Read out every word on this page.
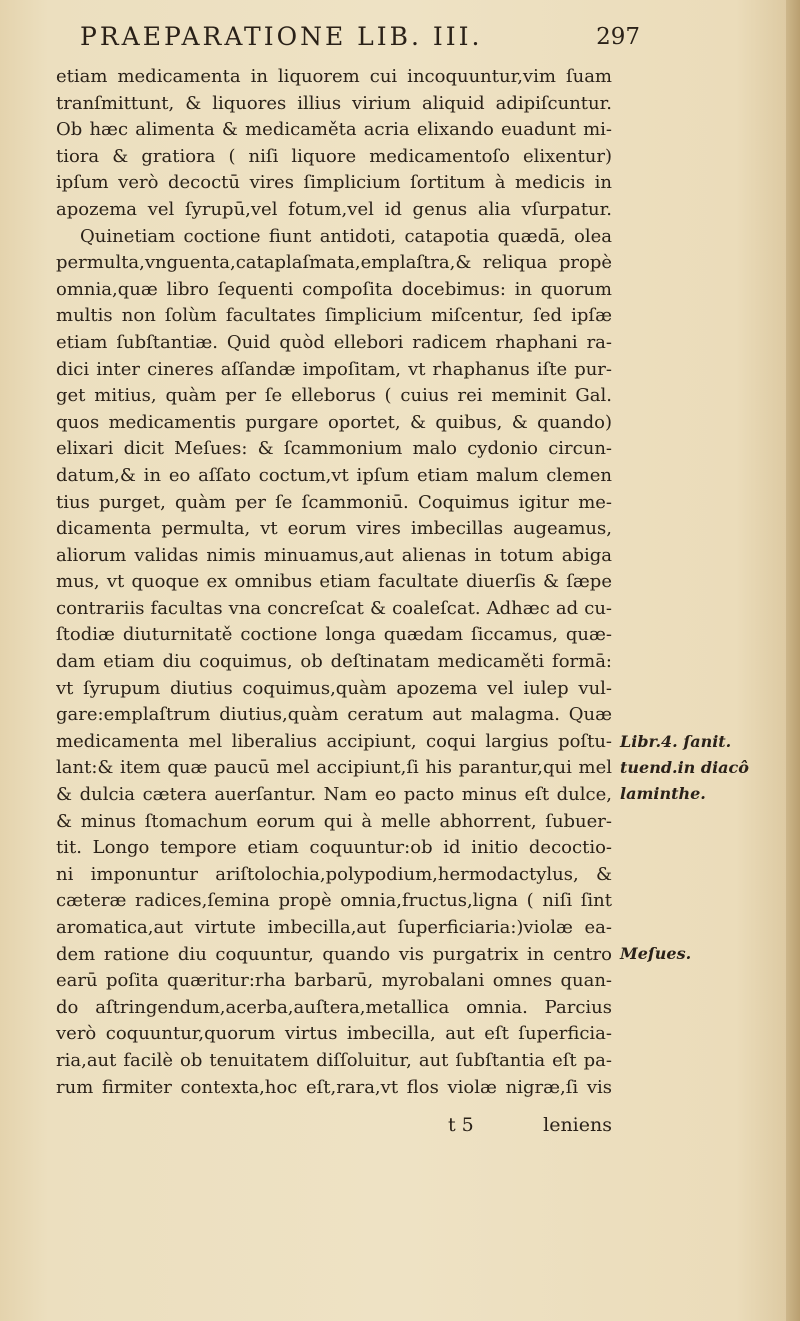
PRAEPARATIONE LIB. III.	297
etiam medicamenta in liquorem cui incoquuntur,vim ſuam
tranſmittunt, & liquores illius virium aliquid adipiſcuntur.
Ob hæc alimenta & medicaměta acria elixando euadunt mi-
tiora & gratiora ( niſi liquore medicamentoſo elixentur)
ipſum verò decoctū vires ſimplicium ſortitum à medicis in
apozema vel ſyrupū,vel fotum,vel id genus alia vſurpatur.
Quinetiam coctione fiunt antidoti, catapotia quædā, olea
permulta,vnguenta,cataplaſmata,emplaſtra,& reliqua propè
omnia,quæ libro ſequenti compoſita docebimus: in quorum
multis non ſolùm facultates ſimplicium miſcentur, ſed ipſæ
etiam ſubſtantiæ. Quid quòd ellebori radicem rhaphani ra-
dici inter cineres aſſandæ impoſitam, vt rhaphanus iſte pur-
get mitius, quàm per ſe elleborus ( cuius rei meminit Gal.
quos medicamentis purgare oportet, & quibus, & quando)
elixari dicit Meſues: & ſcammonium malo cydonio circun-
datum,& in eo aſſato coctum,vt ipſum etiam malum clemen
tius purget, quàm per ſe ſcammoniū. Coquimus igitur me-
dicamenta permulta, vt eorum vires imbecillas augeamus,
aliorum validas nimis minuamus,aut alienas in totum abiga
mus, vt quoque ex omnibus etiam facultate diuerſis & ſæpe
contrariis facultas vna concreſcat & coaleſcat. Adhæc ad cu-
ſtodiæ diuturnitatě coctione longa quædam ſiccamus, quæ-
dam etiam diu coquimus, ob deſtinatam medicaměti formā:
vt ſyrupum diutius coquimus,quàm apozema vel iulep vul-
gare:emplaſtrum diutius,quàm ceratum aut malagma. Quæ
medicamenta mel liberalius accipiunt, coqui largius poſtu-
lant:& item quæ paucū mel accipiunt,ſi his parantur,qui mel
& dulcia cætera auerſantur. Nam eo pacto minus eſt dulce,
& minus ſtomachum eorum qui à melle abhorrent, ſubuer-
tit. Longo tempore etiam coquuntur:ob id initio decoctio-
ni imponuntur ariſtolochia,polypodium,hermodactylus, &
cæteræ radices,ſemina propè omnia,fructus,ligna ( niſi ſint
aromatica,aut virtute imbecilla,aut ſuperficiaria:)violæ ea-
dem ratione diu coquuntur, quando vis purgatrix in centro
earū poſita quæritur:rha barbarū, myrobalani omnes quan-
do aſtringendum,acerba,auſtera,metallica omnia. Parcius
verò coquuntur,quorum virtus imbecilla, aut eſt ſuperficia-
ria,aut facilè ob tenuitatem diſſoluitur, aut ſubſtantia eſt pa-
rum firmiter contexta,hoc eſt,rara,vt flos violæ nigræ,ſi vis
Libr.4. ſanit.
tuend.in diacô
laminthe.
Meſues.
t 5	leniens
